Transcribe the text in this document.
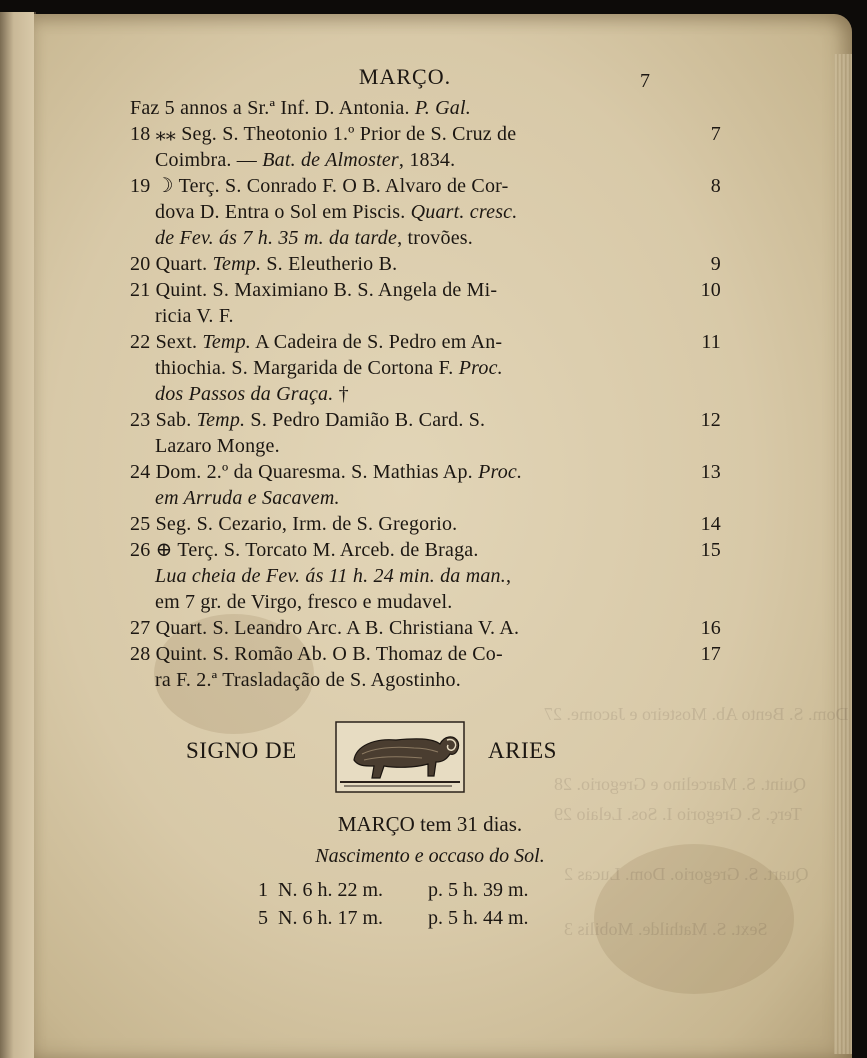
Dom. S. Bento Ab. Mosteiro e Jacome. 27
Quint. S. Marcelino e Gregorio. 28
Terç. S. Gregorio I. Sos. Lelaio 29
Quart. S. Gregorio. Dom. Lucas 2
Sext. S. Mathilde. Mobilis 3
MARÇO.	7
Faz 5 annos a Sr.ª Inf. D. Antonia. P. Gal.
18 ⁎⁎ Seg. S. Theotonio 1.º Prior de S. Cruz de	7
Coimbra. — Bat. de Almoster, 1834.
19 ☽ Terç. S. Conrado F. O B. Alvaro de Cor-	8
dova D. Entra o Sol em Piscis. Quart. cresc.
de Fev. ás 7 h. 35 m. da tarde, trovões.
20 Quart. Temp. S. Eleutherio B.	9
21 Quint. S. Maximiano B. S. Angela de Mi-	10
ricia V. F.
22 Sext. Temp. A Cadeira de S. Pedro em An-	11
thiochia. S. Margarida de Cortona F. Proc.
dos Passos da Graça. †
23 Sab. Temp. S. Pedro Damião B. Card. S.	12
Lazaro Monge.
24 Dom. 2.º da Quaresma. S. Mathias Ap. Proc.	13
em Arruda e Sacavem.
25 Seg. S. Cezario, Irm. de S. Gregorio.	14
26 ⊕ Terç. S. Torcato M. Arceb. de Braga.	15
Lua cheia de Fev. ás 11 h. 24 min. da man.,
em 7 gr. de Virgo, fresco e mudavel.
27 Quart. S. Leandro Arc. A B. Christiana V. A.	16
28 Quint. S. Romão Ab. O B. Thomaz de Co-	17
ra F. 2.ª Trasladação de S. Agostinho.
SIGNO DE	ARIES
MARÇO tem 31 dias.
Nascimento e occaso do Sol.
1 N. 6 h. 22 m. p. 5 h. 39 m.
5 N. 6 h. 17 m. p. 5 h. 44 m.
